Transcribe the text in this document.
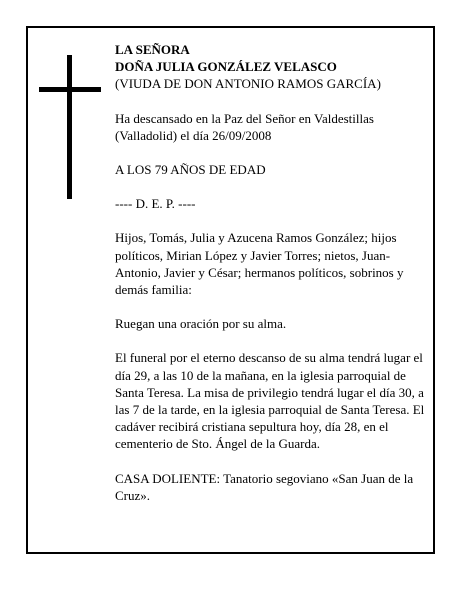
LA SEÑORA
DOÑA JULIA GONZÁLEZ VELASCO

(VIUDA DE DON ANTONIO RAMOS GARCÍA)

Ha descansado en la Paz del Señor en Valdestillas (Valladolid) el día 26/09/2008

A LOS 79 AÑOS DE EDAD

---- D. E. P. ----

Hijos, Tomás, Julia y Azucena Ramos González; hijos políticos, Mirian López y Javier Torres; nietos, Juan-Antonio, Javier y César; hermanos políticos, sobrinos y demás familia:

Ruegan una oración por su alma.

El funeral por el eterno descanso de su alma tendrá lugar el día 29, a las 10 de la mañana, en la iglesia parroquial de Santa Teresa. La misa de privilegio tendrá lugar el día 30, a las 7 de la tarde, en la iglesia parroquial de Santa Teresa. El cadáver recibirá cristiana sepultura hoy, día 28, en el cementerio de Sto. Ángel de la Guarda.

CASA DOLIENTE: Tanatorio segoviano «San Juan de la Cruz».
